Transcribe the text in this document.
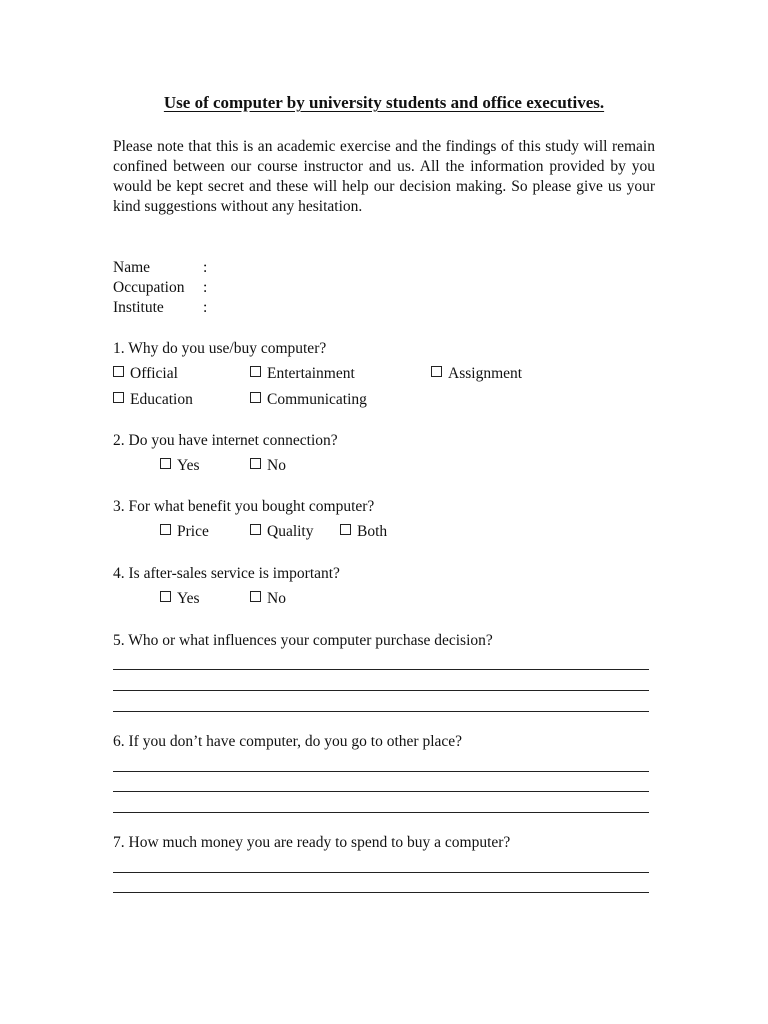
Use of computer by university students and office executives.
Please note that this is an academic exercise and the findings of this study will remain confined between our course instructor and us. All the information provided by you would be kept secret and these will help our decision making. So please give us your kind suggestions without any hesitation.
Name	:
Occupation :
Institute	:
1. Why do you use/buy computer?
Official	Entertainment	Assignment
Education	Communicating
2. Do you have internet connection?
Yes	No
3. For what benefit you bought computer?
Price	Quality	Both
4. Is after-sales service is important?
Yes	No
5. Who or what influences your computer purchase decision?
6. If you don’t have computer, do you go to other place?
7. How much money you are ready to spend to buy a computer?
